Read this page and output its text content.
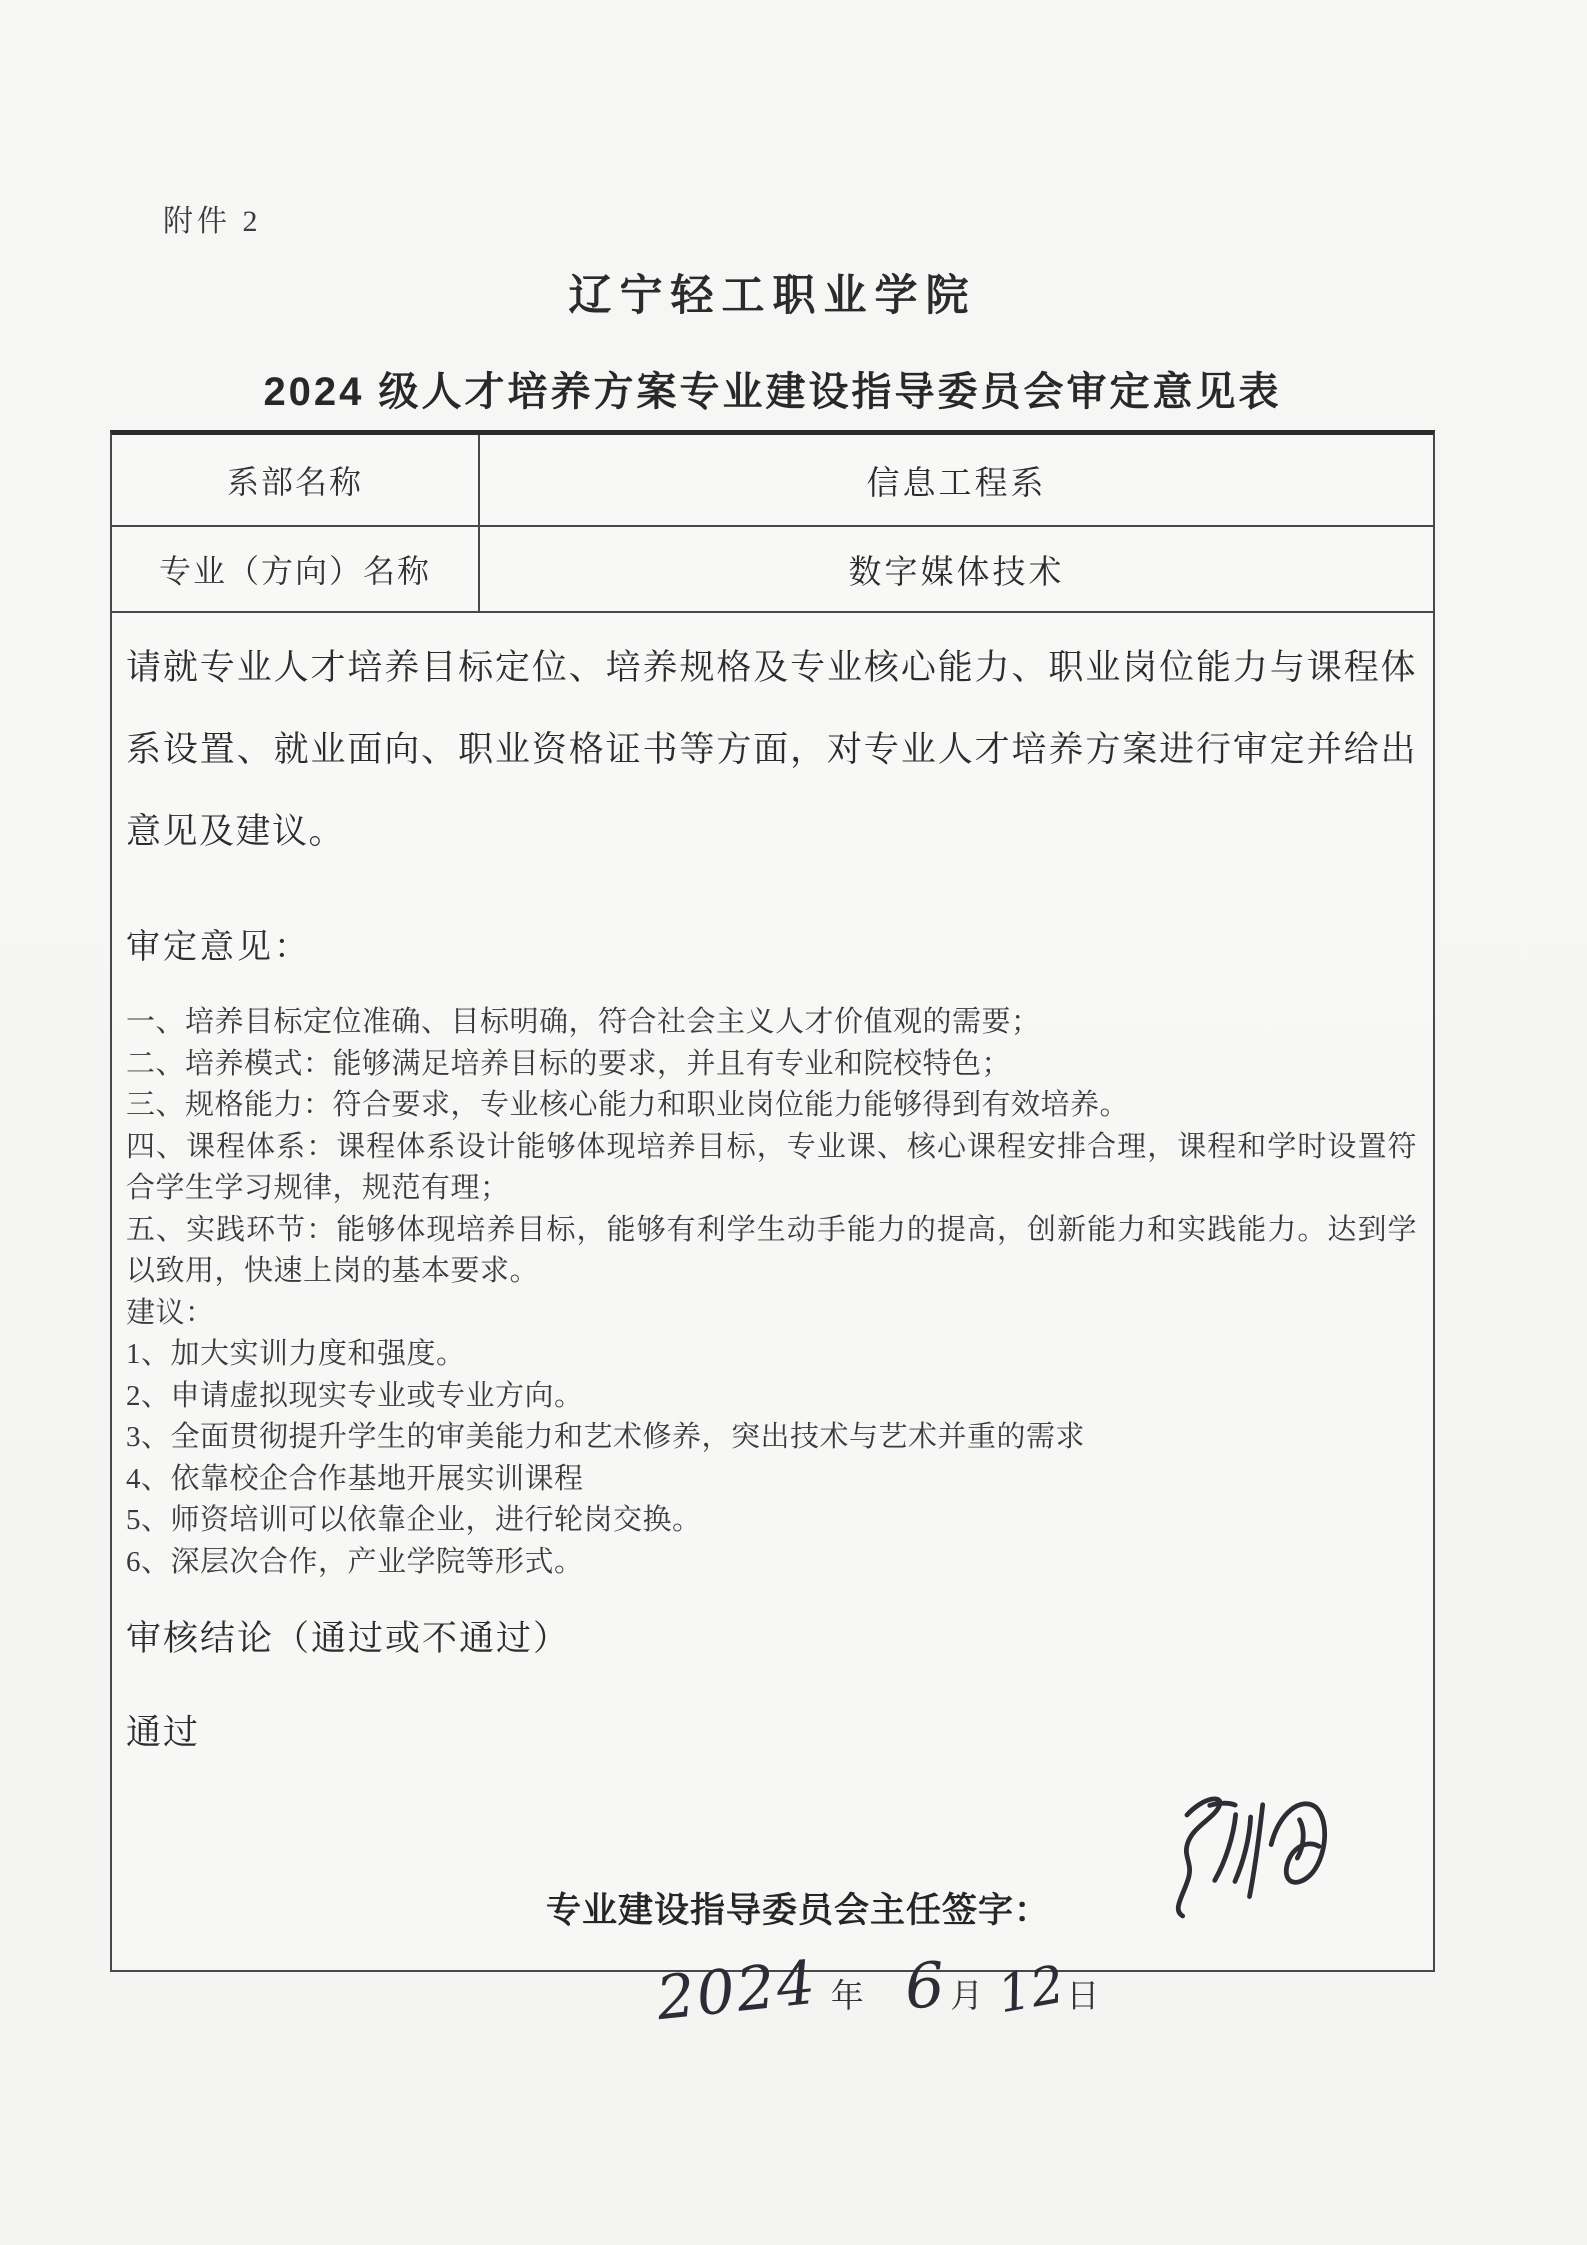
附件 2
辽宁轻工职业学院
2024 级人才培养方案专业建设指导委员会审定意见表
系部名称	信息工程系
专业（方向）名称	数字媒体技术
请就专业人才培养目标定位、培养规格及专业核心能力、职业岗位能力与课程体系设置、就业面向、职业资格证书等方面，对专业人才培养方案进行审定并给出意见及建议。
审定意见：
一、培养目标定位准确、目标明确，符合社会主义人才价值观的需要；
二、培养模式：能够满足培养目标的要求，并且有专业和院校特色；
三、规格能力：符合要求，专业核心能力和职业岗位能力能够得到有效培养。
四、课程体系：课程体系设计能够体现培养目标，专业课、核心课程安排合理，课程和学时设置符合学生学习规律，规范有理；
五、实践环节：能够体现培养目标，能够有利学生动手能力的提高，创新能力和实践能力。达到学以致用，快速上岗的基本要求。
建议：
1、加大实训力度和强度。
2、申请虚拟现实专业或专业方向。
3、全面贯彻提升学生的审美能力和艺术修养，突出技术与艺术并重的需求
4、依靠校企合作基地开展实训课程
5、师资培训可以依靠企业，进行轮岗交换。
6、深层次合作，产业学院等形式。
审核结论（通过或不通过）
通过
专业建设指导委员会主任签字：
2024 年 6 月 12
日
